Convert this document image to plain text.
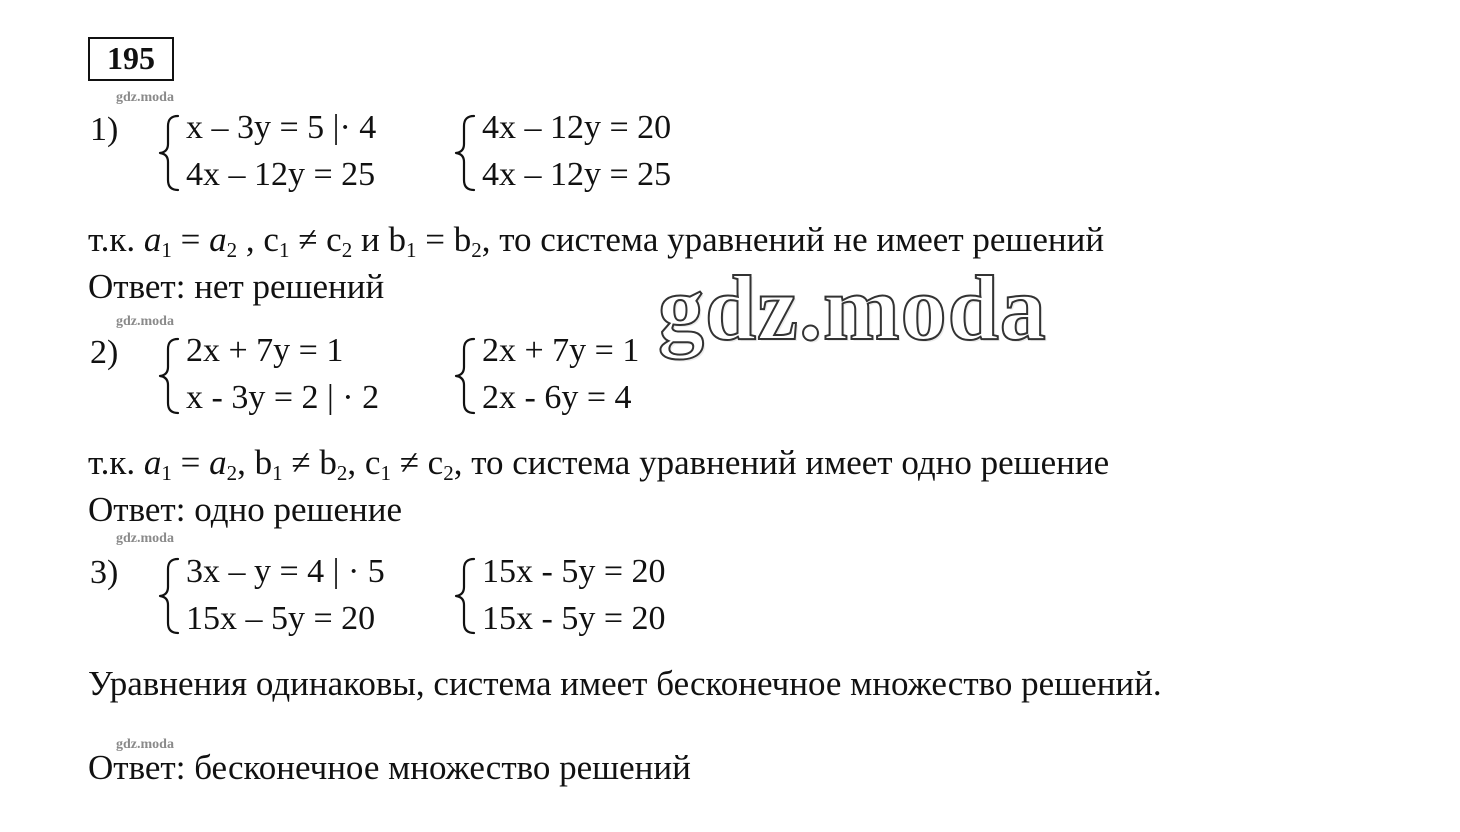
195
gdz.moda
gdz.moda
gdz.moda
gdz.moda
1) x – 3y = 5 |· 4
4x – 12y = 25
4x – 12y = 20
4x – 12y = 25
т.к. $a_1 = a_2$ , $c_1 \ne c_2$ и $b_1 = b_2$, то система уравнений не имеет решений
Ответ: нет решений
2) 2x + 7y = 1
x - 3y = 2 | · 2
2x + 7y = 1
2x - 6y = 4
т.к. $a_1 = a_2$, $b_1 \ne b_2$, $c_1 \ne c_2$, то система уравнений имеет одно решение
Ответ: одно решение
3) 3x – y = 4 | · 5
15x – 5y = 20
15x - 5y = 20
15x - 5y = 20
Уравнения одинаковы, система имеет бесконечное множество решений.
Ответ: бесконечное множество решений
gdz.moda
